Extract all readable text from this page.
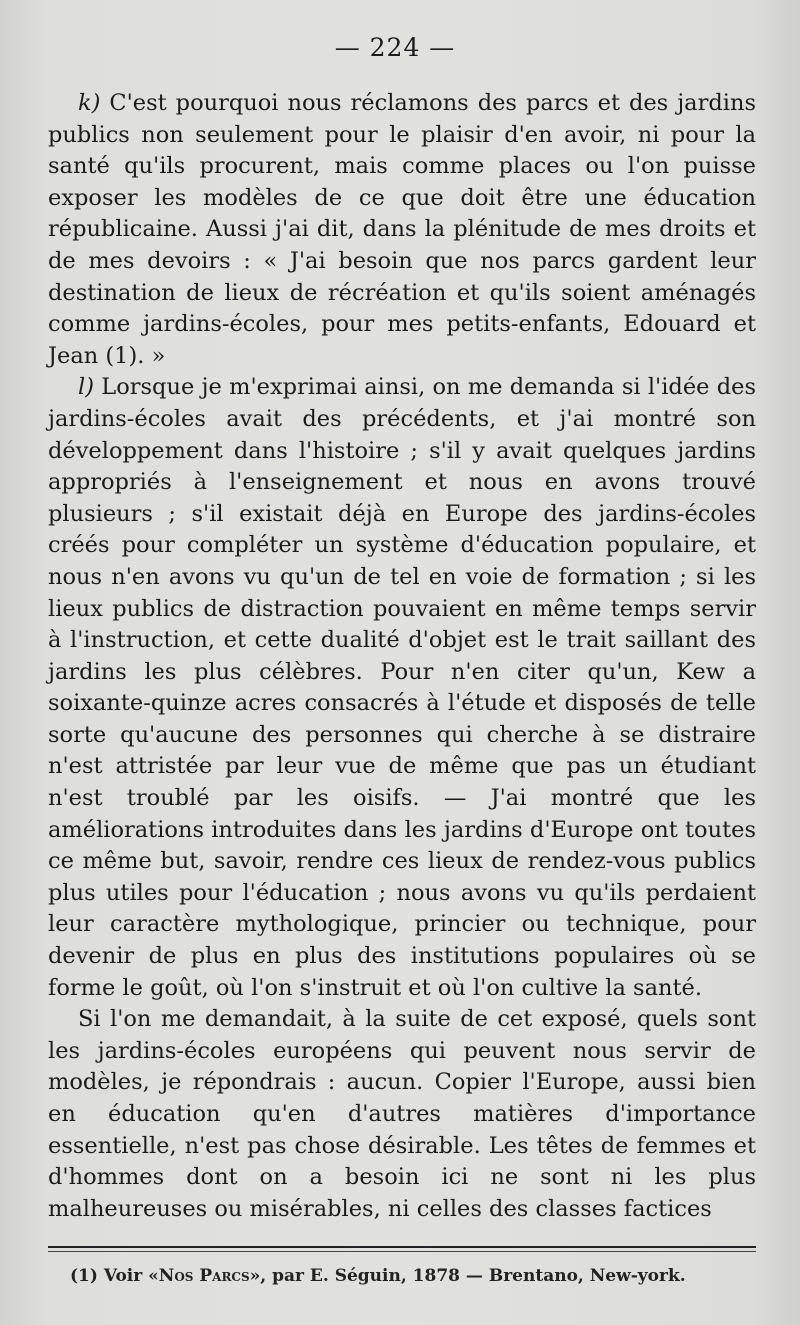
— 224 —

k) C'est pourquoi nous réclamons des parcs et des jardins publics non seulement pour le plaisir d'en avoir, ni pour la santé qu'ils procurent, mais comme places ou l'on puisse exposer les modèles de ce que doit être une éducation républicaine. Aussi j'ai dit, dans la plénitude de mes droits et de mes devoirs : « J'ai besoin que nos parcs gardent leur destination de lieux de récréation et qu'ils soient aménagés comme jardins-écoles, pour mes petits-enfants, Edouard et Jean (1). »

l) Lorsque je m'exprimai ainsi, on me demanda si l'idée des jardins-écoles avait des précédents, et j'ai montré son développement dans l'histoire ; s'il y avait quelques jardins appropriés à l'enseignement et nous en avons trouvé plusieurs ; s'il existait déjà en Europe des jardins-écoles créés pour compléter un système d'éducation populaire, et nous n'en avons vu qu'un de tel en voie de formation ; si les lieux publics de distraction pouvaient en même temps servir à l'instruction, et cette dualité d'objet est le trait saillant des jardins les plus célèbres. Pour n'en citer qu'un, Kew a soixante-quinze acres consacrés à l'étude et disposés de telle sorte qu'aucune des personnes qui cherche à se distraire n'est attristée par leur vue de même que pas un étudiant n'est troublé par les oisifs. — J'ai montré que les améliorations introduites dans les jardins d'Europe ont toutes ce même but, savoir, rendre ces lieux de rendez-vous publics plus utiles pour l'éducation ; nous avons vu qu'ils perdaient leur caractère mythologique, princier ou technique, pour devenir de plus en plus des institutions populaires où se forme le goût, où l'on s'instruit et où l'on cultive la santé.

Si l'on me demandait, à la suite de cet exposé, quels sont les jardins-écoles européens qui peuvent nous servir de modèles, je répondrais : aucun. Copier l'Europe, aussi bien en éducation qu'en d'autres matières d'importance essentielle, n'est pas chose désirable. Les têtes de femmes et d'hommes dont on a besoin ici ne sont ni les plus malheureuses ou misérables, ni celles des classes factices

(1) Voir «Nos Parcs», par E. Séguin, 1878 — Brentano, New-york.
